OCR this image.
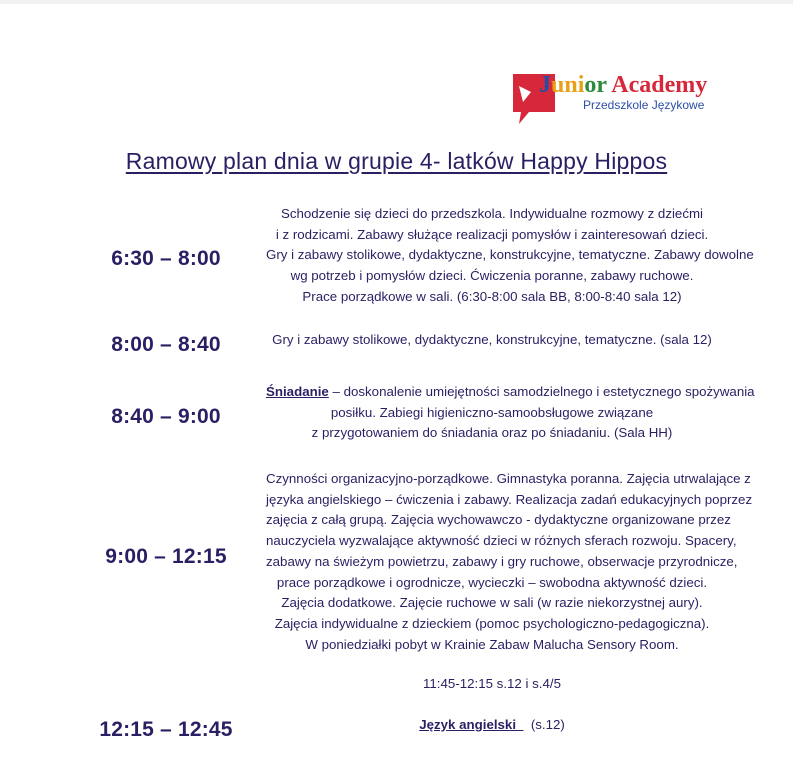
Junior Academy
Przedszkole Językowe
Ramowy plan dnia w grupie 4- latków Happy Hippos
6:30 – 8:00

Schodzenie się dzieci do przedszkola. Indywidualne rozmowy z dziećmi

i z rodzicami. Zabawy służące realizacji pomysłów i zainteresowań dzieci.

Gry i zabawy stolikowe, dydaktyczne, konstrukcyjne, tematyczne. Zabawy dowolne

wg potrzeb i pomysłów dzieci. Ćwiczenia poranne, zabawy ruchowe.

Prace porządkowe w sali. (6:30-8:00 sala BB, 8:00-8:40 sala 12)

8:00 – 8:40	Gry i zabawy stolikowe, dydaktyczne, konstrukcyjne, tematyczne. (sala 12)

8:40 – 9:00

Śniadanie – doskonalenie umiejętności samodzielnego i estetycznego spożywania

posiłku. Zabiegi higieniczno-samoobsługowe związane

z przygotowaniem do śniadania oraz po śniadaniu. (Sala HH)

9:00 – 12:15

Czynności organizacyjno-porządkowe. Gimnastyka poranna. Zajęcia utrwalające z

języka angielskiego – ćwiczenia i zabawy. Realizacja zadań edukacyjnych poprzez

zajęcia z całą grupą. Zajęcia wychowawczo - dydaktyczne organizowane przez

nauczyciela wyzwalające aktywność dzieci w różnych sferach rozwoju. Spacery,

zabawy na świeżym powietrzu, zabawy i gry ruchowe, obserwacje przyrodnicze,

prace porządkowe i ogrodnicze, wycieczki – swobodna aktywność dzieci.

Zajęcia dodatkowe. Zajęcie ruchowe w sali (w razie niekorzystnej aury).

Zajęcia indywidualne z dzieckiem (pomoc psychologiczno-pedagogiczna).

W poniedziałki pobyt w Krainie Zabaw Malucha Sensory Room.

11:45-12:15 s.12 i s.4/5
12:15 – 12:45	Język angielski (s.12)
